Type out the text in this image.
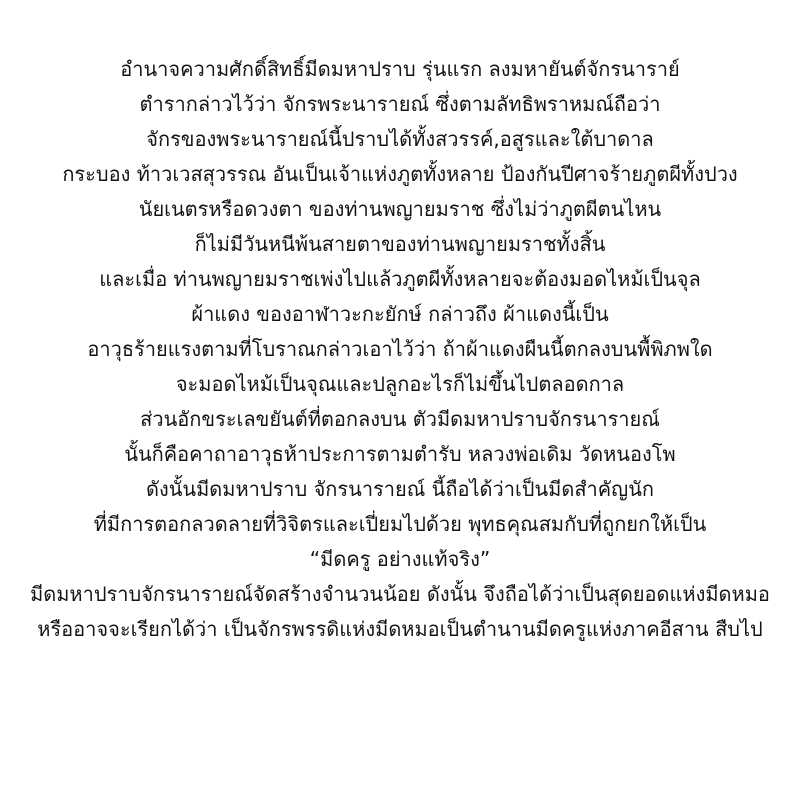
อำนาจความศักดิ์สิทธิ์มีดมหาปราบ รุ่นแรก ลงมหายันต์จักรนาราย์
ตำรากล่าวไว้ว่า จักรพระนารายณ์ ซึ่งตามลัทธิพราหมณ์ถือว่า
จักรของพระนารายณ์นี้ปราบได้ทั้งสวรรค์,อสูรและใต้บาดาล
กระบอง ท้าวเวสสุวรรณ อันเป็นเจ้าแห่งภูตทั้งหลาย ป้องกันปีศาจร้ายภูตผีทั้งปวง
นัยเนตรหรือดวงตา ของท่านพญายมราช ซึ่งไม่ว่าภูตผีตนไหน
ก็ไม่มีวันหนีพ้นสายตาของท่านพญายมราชทั้งสิ้น
และเมื่อ ท่านพญายมราชเพ่งไปแล้วภูตผีทั้งหลายจะต้องมอดไหม้เป็นจุล
ผ้าแดง ของอาฬาวะกะยักษ์ กล่าวถึง ผ้าแดงนี้เป็น
อาวุธร้ายแรงตามที่โบราณกล่าวเอาไว้ว่า ถ้าผ้าแดงผืนนี้ตกลงบนพื้พิภพใด
จะมอดไหม้เป็นจุณและปลูกอะไรก็ไม่ขึ้นไปตลอดกาล
ส่วนอักขระเลขยันต์ที่ตอกลงบน ตัวมีดมหาปราบจักรนารายณ์
นั้นก็คือคาถาอาวุธห้าประการตามตำรับ หลวงพ่อเดิม วัดหนองโพ
ดังนั้นมีดมหาปราบ จักรนารายณ์ นี้ถือได้ว่าเป็นมีดสำคัญนัก
ที่มีการตอกลวดลายที่วิจิตรและเปี่ยมไปด้วย พุทธคุณสมกับที่ถูกยกให้เป็น
“มีดครู อย่างแท้จริง”
มีดมหาปราบจักรนารายณ์จัดสร้างจำนวนน้อย ดังนั้น จึงถือได้ว่าเป็นสุดยอดแห่งมีดหมอ
หรืออาจจะเรียกได้ว่า เป็นจักรพรรดิแห่งมีดหมอเป็นตำนานมีดครูแห่งภาคอีสาน สืบไป
